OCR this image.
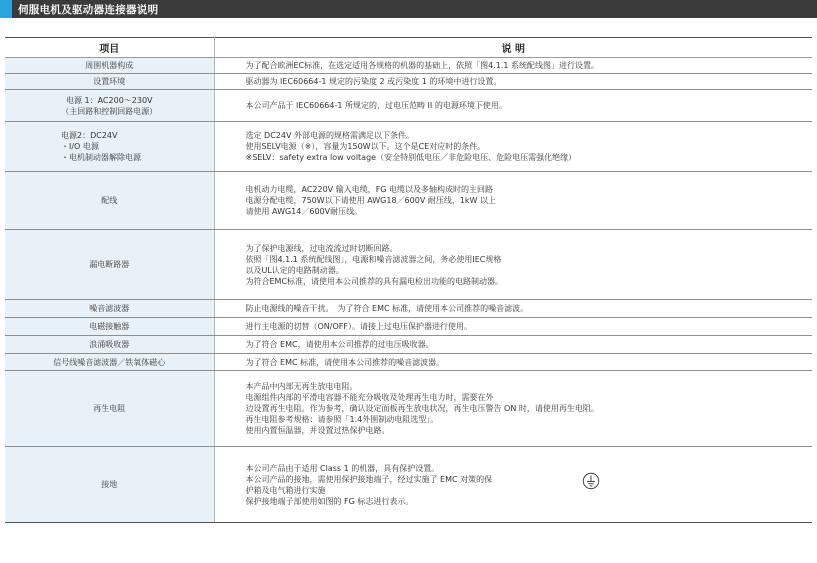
伺服电机及驱动器连接器说明
项目	说 明

周围机器构成	为了配合欧洲EC标准，在选定适用各规格的机器的基础上，依照「图4.1.1 系统配线图」进行设置。

设置环境	驱动器为 IEC60664-1 规定的污染度 2 或污染度 1 的环境中进行设置。

电源 1：AC200～230V
（主回路和控制回路电源）	本公司产品于 IEC60664-1 所规定的，过电压范畴 II 的电源环境下使用。

电源2：DC24V
・I/O 电源
・电机制动器解除电源	选定 DC24V 外部电源的规格需满足以下条件。
使用SELV电源（※），容量为150W以下。这个是CE对应时的条件。
※SELV：safety extra low voltage（安全特别低电压／非危险电压、危险电压需强化绝缘）

配线	电机动力电缆，AC220V 输入电缆，FG 电缆以及多轴构成时的主回路
电源分配电缆，750W以下请使用 AWG18／600V 耐压线，1kW 以上
请使用 AWG14／600V耐压线。

漏电断路器	为了保护电源线，过电流流过时切断回路。
依照「图4.1.1 系统配线图」，电源和噪音滤波器之间，务必使用IEC规格
以及UL认定的电路制动器。
为符合EMC标准，请使用本公司推荐的具有漏电检出功能的电路制动器。

噪音滤波器	防止电源线的噪音干扰。　为了符合 EMC 标准，请使用本公司推荐的噪音滤波。

电磁接触器	进行主电源的切替（ON/OFF）。请接上过电压保护器进行使用。

浪涌吸收器	为了符合 EMC，请使用本公司推荐的过电压吸收器。

信号线噪音滤波器／铁氧体磁心	为了符合 EMC 标准，请使用本公司推荐的噪音滤波器。

再生电阻	本产品中内部无再生放电电阻。
电源组件内部的平滑电容器不能充分吸收及处理再生电力时，需要在外
边设置再生电阻。作为参考，确认设定面板再生放电状况，再生电压警告 ON 时，请使用再生电阻。
再生电阻参考规格：请参照「1.4外围制动电阻选型」。
使用内置恒温器，并设置过热保护电路。

接地	本公司产品由于适用 Class 1 的机器，具有保护设置。
本公司产品的接地，需使用保护接地端子，经过实施了 EMC 对策的保
护箱及电气箱进行实施
保护接地端子部使用如图的 FG 标志进行表示。
